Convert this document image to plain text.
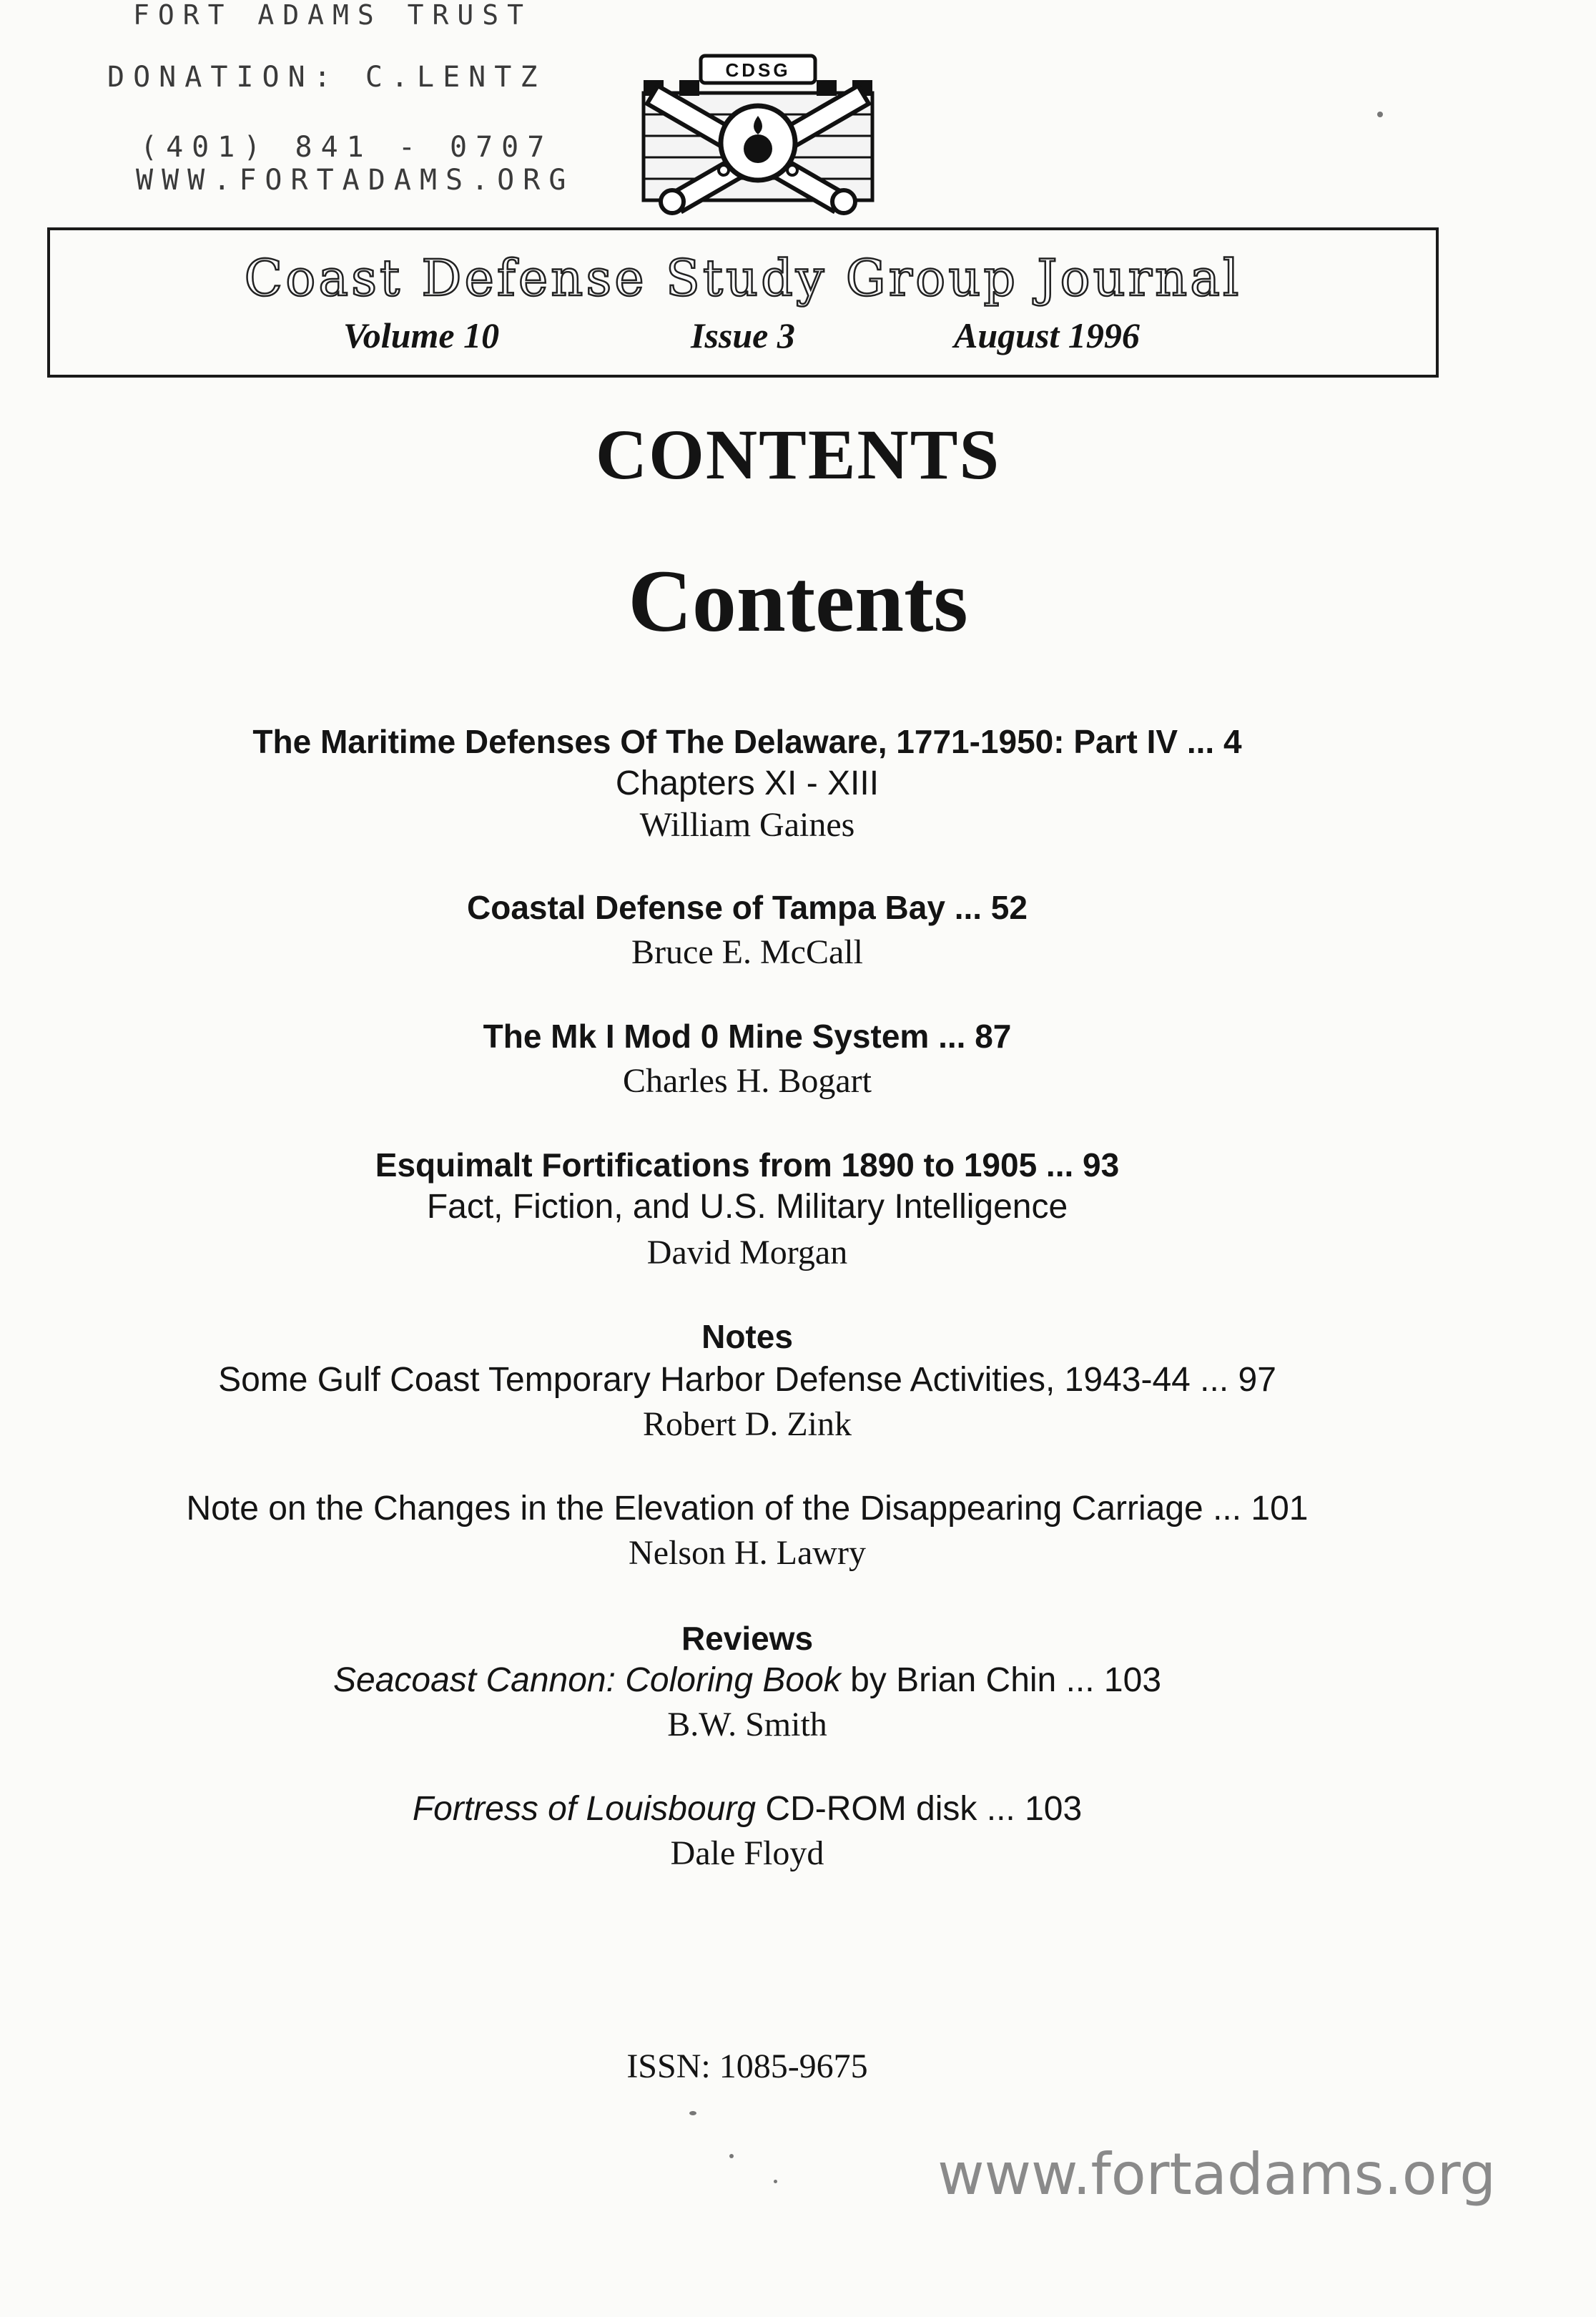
FORT ADAMS TRUST
DONATION: C.LENTZ
(401) 841 - 0707
WWW.FORTADAMS.ORG
CDSG
Coast Defense Study Group Journal
Volume 10	Issue 3	August 1996
CONTENTS
Contents
The Maritime Defenses Of The Delaware, 1771-1950: Part IV ... 4
Chapters XI - XIII
William Gaines
Coastal Defense of Tampa Bay ... 52
Bruce E. McCall
The Mk I Mod 0 Mine System ... 87
Charles H. Bogart
Esquimalt Fortifications from 1890 to 1905 ... 93
Fact, Fiction, and U.S. Military Intelligence
David Morgan
Notes
Some Gulf Coast Temporary Harbor Defense Activities, 1943-44 ... 97
Robert D. Zink
Note on the Changes in the Elevation of the Disappearing Carriage ... 101
Nelson H. Lawry
Reviews
Seacoast Cannon: Coloring Book by Brian Chin ... 103
B.W. Smith
Fortress of Louisbourg CD-ROM disk ... 103
Dale Floyd
ISSN: 1085-9675
www.fortadams.org
